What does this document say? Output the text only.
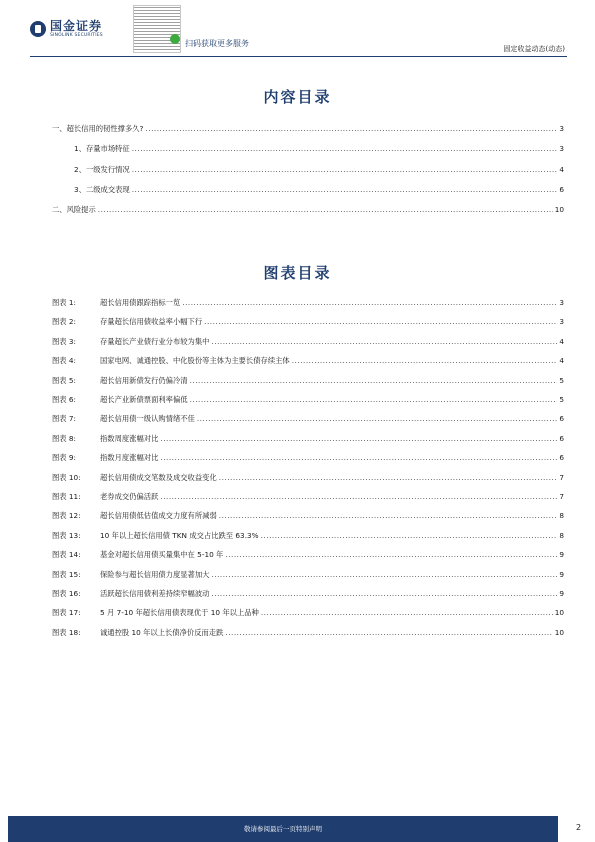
国金证券
SINOLINK SECURITIES
扫码获取更多服务
固定收益动态(动态)
内容目录
一、超长信用的韧性撑多久? .....	3
1、存量市场特征 .....	3
2、一级发行情况 .....	4
3、二级成交表现 .....	6
二、风险提示 .....	10
图表目录
图表 1:	超长信用债跟踪指标一览 .....	3
图表 2:	存量超长信用债收益率小幅下行 .....	3
图表 3:	存量超长产业债行业分布较为集中 .....	4
图表 4:	国家电网、诚通控股、中化股份等主体为主要长债存续主体 .....	4
图表 5:	超长信用新债发行仍偏冷清 .....	5
图表 6:	超长产业新债票面利率偏低 .....	5
图表 7:	超长信用债一级认购情绪不佳 .....	6
图表 8:	指数周度涨幅对比 .....	6
图表 9:	指数月度涨幅对比 .....	6
图表 10:	超长信用债成交笔数及成交收益变化 .....	7
图表 11:	老券成交仍偏活跃 .....	7
图表 12:	超长信用债低估值成交力度有所减弱 .....	8
图表 13:	10 年以上超长信用债 TKN 成交占比跌至 63.3% .....	8
图表 14:	基金对超长信用债买量集中在 5-10 年 .....	9
图表 15:	保险参与超长信用债力度显著加大 .....	9
图表 16:	活跃超长信用债利差持续窄幅波动 .....	9
图表 17:	5 月 7-10 年超长信用债表现优于 10 年以上品种 .....	10
图表 18:	诚通控股 10 年以上长债净价反而走跌 .....	10
敬请参阅最后一页特别声明	2
